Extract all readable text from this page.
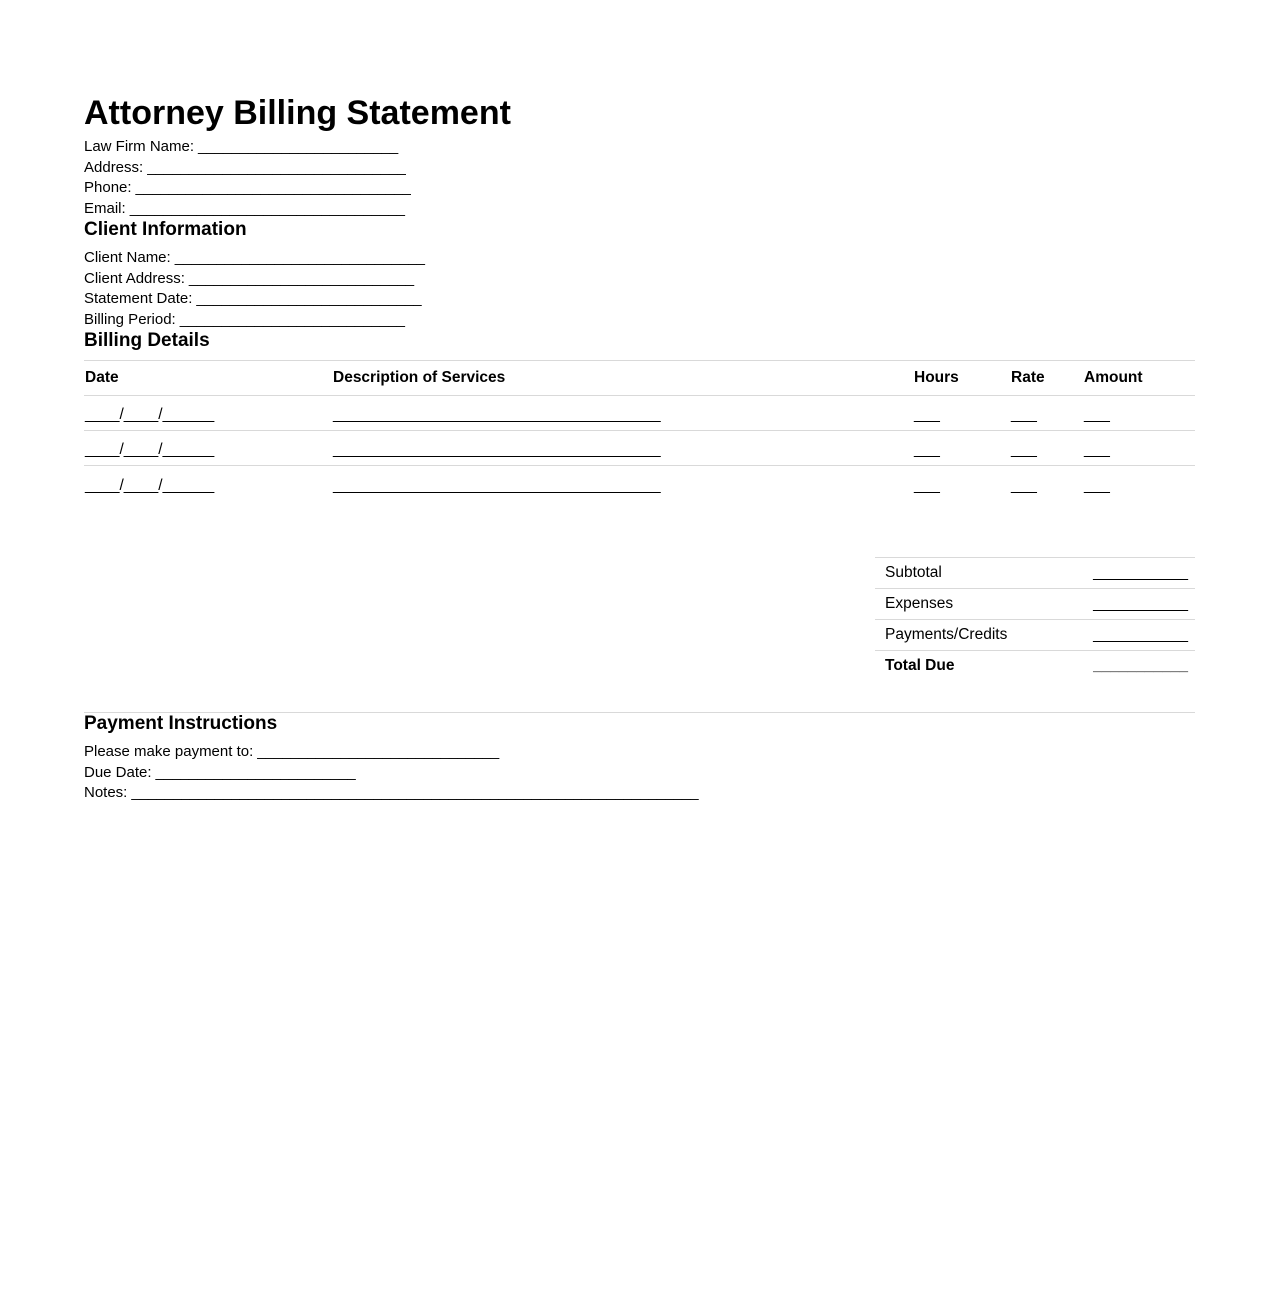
Attorney Billing Statement

Law Firm Name: ________________________

Address: _______________________________

Phone: _________________________________

Email: _________________________________

Client Information

Client Name: ______________________________

Client Address: ___________________________

Statement Date: ___________________________

Billing Period: ___________________________

Billing Details
Date	Description of Services	Hours	Rate	Amount
____/____/______	______________________________________	___	___	___
____/____/______	______________________________________	___	___	___
____/____/______	______________________________________	___	___	___
Subtotal	___________
Expenses	___________
Payments/Credits	___________
Total Due	___________
Payment Instructions

Please make payment to: _____________________________

Due Date: ________________________

Notes: ____________________________________________________________________
